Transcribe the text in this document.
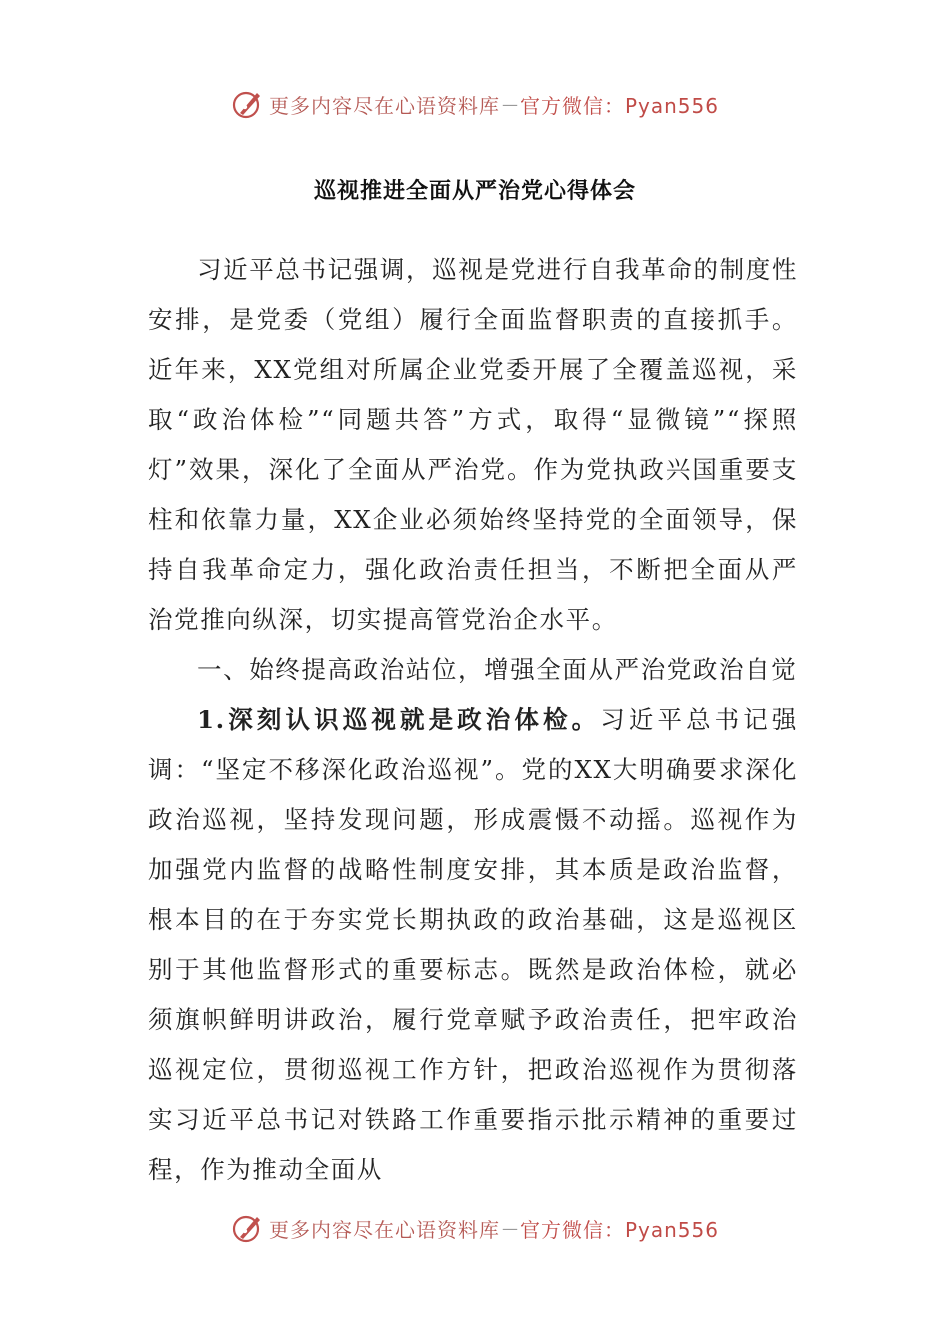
更多内容尽在心语资料库 — 官方微信：Pyan556
巡视推进全面从严治党心得体会

习近平总书记强调，巡视是党进行自我革命的制度性安排，是党委（党组）履行全面监督职责的直接抓手。近年来，XX党组对所属企业党委开展了全覆盖巡视，采取“政治体检”“同题共答”方式，取得“显微镜”“探照灯”效果，深化了全面从严治党。作为党执政兴国重要支柱和依靠力量，XX企业必须始终坚持党的全面领导，保持自我革命定力，强化政治责任担当，不断把全面从严治党推向纵深，切实提高管党治企水平。

一、始终提高政治站位，增强全面从严治党政治自觉

1.深刻认识巡视就是政治体检。习近平总书记强调：“坚定不移深化政治巡视”。党的XX大明确要求深化政治巡视，坚持发现问题，形成震慑不动摇。巡视作为加强党内监督的战略性制度安排，其本质是政治监督，根本目的在于夯实党长期执政的政治基础，这是巡视区别于其他监督形式的重要标志。既然是政治体检，就必须旗帜鲜明讲政治，履行党章赋予政治责任，把牢政治巡视定位，贯彻巡视工作方针，把政治巡视作为贯彻落实习近平总书记对铁路工作重要指示批示精神的重要过程，作为推动全面从

更多内容尽在心语资料库 — 官方微信：Pyan556
